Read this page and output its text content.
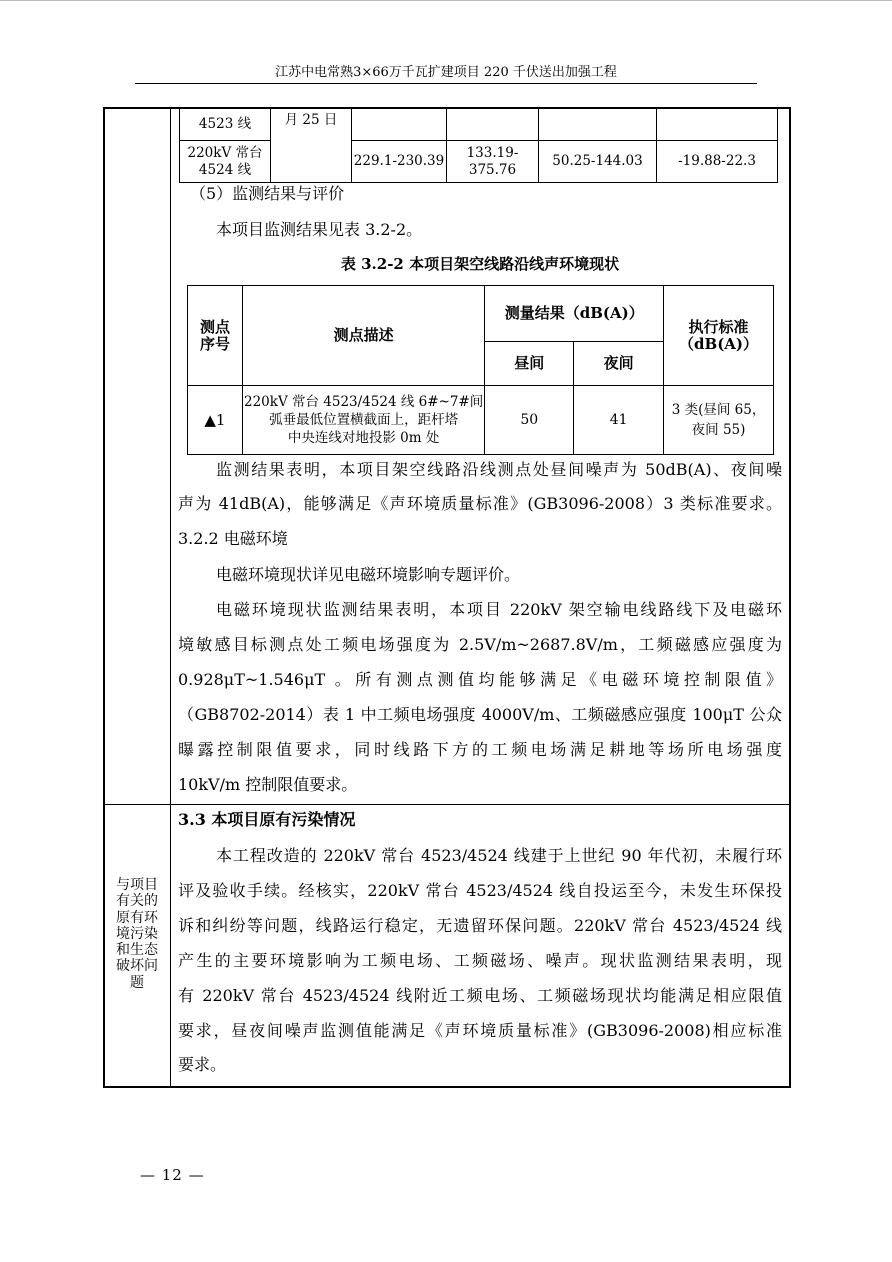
江苏中电常熟3×66万千瓦扩建项目 220 千伏送出加强工程
4523 线	月 25 日				
220kV 常台
4524 线		229.1-230.39	133.19-375.76	50.25-144.03	-19.88-22.3
（5）监测结果与评价
本项目监测结果见表 3.2-2。
表 3.2-2 本项目架空线路沿线声环境现状
测点
序号	测点描述	测量结果（dB(A)）		执行标准
（dB(A)）
		昼间	夜间	
▲1	220kV 常台 4523/4524 线 6#~7#间
弧垂最低位置横截面上，距杆塔
中央连线对地投影 0m 处	50	41	3 类(昼间 65，
夜间 55)
监测结果表明，本项目架空线路沿线测点处昼间噪声为 50dB(A)、夜间噪
声为 41dB(A)，能够满足《声环境质量标准》(GB3096-2008）3 类标准要求。
3.2.2 电磁环境
电磁环境现状详见电磁环境影响专题评价。
电磁环境现状监测结果表明，本项目 220kV 架空输电线路线下及电磁环
境敏感目标测点处工频电场强度为 2.5V/m~2687.8V/m，工频磁感应强度为
0.928μT~1.546μT 。所有测点测值均能够满足《电磁环境控制限值》
（GB8702-2014）表 1 中工频电场强度 4000V/m、工频磁感应强度 100μT 公众
曝露控制限值要求，同时线路下方的工频电场满足耕地等场所电场强度
10kV/m 控制限值要求。
3.3 本项目原有污染情况
本工程改造的 220kV 常台 4523/4524 线建于上世纪 90 年代初，未履行环
评及验收手续。经核实，220kV 常台 4523/4524 线自投运至今，未发生环保投
诉和纠纷等问题，线路运行稳定，无遗留环保问题。220kV 常台 4523/4524 线
产生的主要环境影响为工频电场、工频磁场、噪声。现状监测结果表明，现
有 220kV 常台 4523/4524 线附近工频电场、工频磁场现状均能满足相应限值
要求，昼夜间噪声监测值能满足《声环境质量标准》(GB3096-2008)相应标准
要求。
与项目
有关的
原有环
境污染
和生态
破坏问
题
— 12 —
